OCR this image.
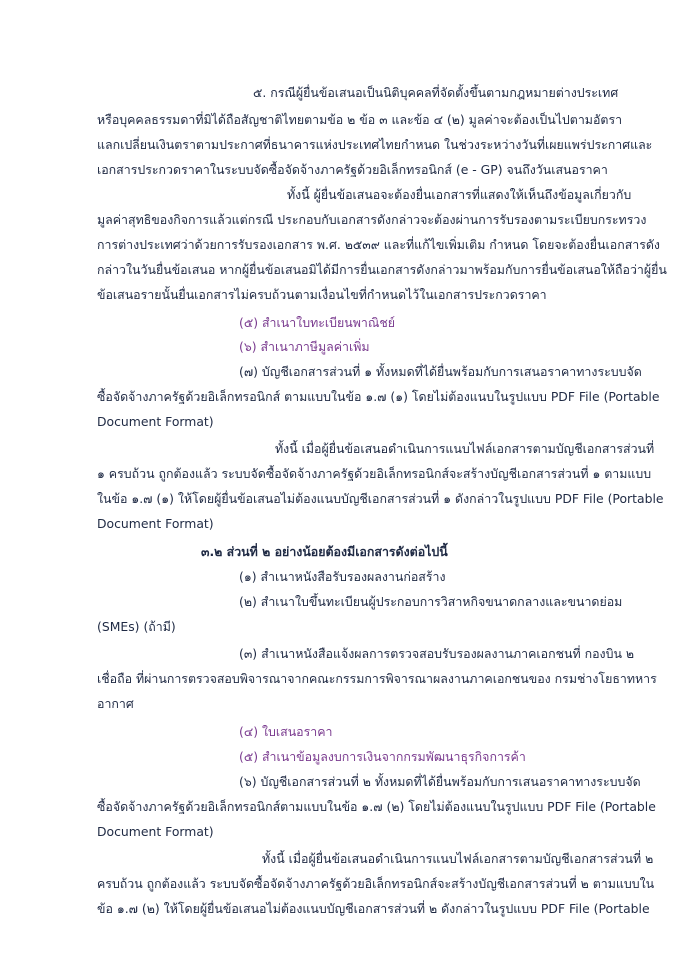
๕. กรณีผู้ยื่นข้อเสนอเป็นนิติบุคคลที่จัดตั้งขึ้นตามกฎหมายต่างประเทศ
หรือบุคคลธรรมดาที่มิได้ถือสัญชาติไทยตามข้อ ๒ ข้อ ๓ และข้อ ๔ (๒) มูลค่าจะต้องเป็นไปตามอัตรา
แลกเปลี่ยนเงินตราตามประกาศที่ธนาคารแห่งประเทศไทยกำหนด ในช่วงระหว่างวันที่เผยแพร่ประกาศและ
เอกสารประกวดราคาในระบบจัดซื้อจัดจ้างภาครัฐด้วยอิเล็กทรอนิกส์ (e - GP) จนถึงวันเสนอราคา
ทั้งนี้ ผู้ยื่นข้อเสนอจะต้องยื่นเอกสารที่แสดงให้เห็นถึงข้อมูลเกี่ยวกับ
มูลค่าสุทธิของกิจการแล้วแต่กรณี ประกอบกับเอกสารดังกล่าวจะต้องผ่านการรับรองตามระเบียบกระทรวง
การต่างประเทศว่าด้วยการรับรองเอกสาร พ.ศ. ๒๕๓๙ และที่แก้ไขเพิ่มเติม กำหนด โดยจะต้องยื่นเอกสารดัง
กล่าวในวันยื่นข้อเสนอ หากผู้ยื่นข้อเสนอมิได้มีการยื่นเอกสารดังกล่าวมาพร้อมกับการยื่นข้อเสนอให้ถือว่าผู้ยื่น
ข้อเสนอรายนั้นยื่นเอกสารไม่ครบถ้วนตามเงื่อนไขที่กำหนดไว้ในเอกสารประกวดราคา
(๕) สำเนาใบทะเบียนพาณิชย์
(๖) สำเนาภาษีมูลค่าเพิ่ม
(๗) บัญชีเอกสารส่วนที่ ๑ ทั้งหมดที่ได้ยื่นพร้อมกับการเสนอราคาทางระบบจัด
ซื้อจัดจ้างภาครัฐด้วยอิเล็กทรอนิกส์ ตามแบบในข้อ ๑.๗ (๑) โดยไม่ต้องแนบในรูปแบบ PDF File (Portable
Document Format)
ทั้งนี้ เมื่อผู้ยื่นข้อเสนอดำเนินการแนบไฟล์เอกสารตามบัญชีเอกสารส่วนที่
๑ ครบถ้วน ถูกต้องแล้ว ระบบจัดซื้อจัดจ้างภาครัฐด้วยอิเล็กทรอนิกส์จะสร้างบัญชีเอกสารส่วนที่ ๑ ตามแบบ
ในข้อ ๑.๗ (๑) ให้โดยผู้ยื่นข้อเสนอไม่ต้องแนบบัญชีเอกสารส่วนที่ ๑ ดังกล่าวในรูปแบบ PDF File (Portable
Document Format)
๓.๒ ส่วนที่ ๒ อย่างน้อยต้องมีเอกสารดังต่อไปนี้
(๑) สำเนาหนังสือรับรองผลงานก่อสร้าง
(๒) สำเนาใบขึ้นทะเบียนผู้ประกอบการวิสาหกิจขนาดกลางและขนาดย่อม
(SMEs) (ถ้ามี)
(๓) สำเนาหนังสือแจ้งผลการตรวจสอบรับรองผลงานภาคเอกชนที่ กองบิน ๒
เชื่อถือ ที่ผ่านการตรวจสอบพิจารณาจากคณะกรรมการพิจารณาผลงานภาคเอกชนของ กรมช่างโยธาทหาร
อากาศ
(๔) ใบเสนอราคา
(๕) สำเนาข้อมูลงบการเงินจากกรมพัฒนาธุรกิจการค้า
(๖) บัญชีเอกสารส่วนที่ ๒ ทั้งหมดที่ได้ยื่นพร้อมกับการเสนอราคาทางระบบจัด
ซื้อจัดจ้างภาครัฐด้วยอิเล็กทรอนิกส์ตามแบบในข้อ ๑.๗ (๒) โดยไม่ต้องแนบในรูปแบบ PDF File (Portable
Document Format)
ทั้งนี้ เมื่อผู้ยื่นข้อเสนอดำเนินการแนบไฟล์เอกสารตามบัญชีเอกสารส่วนที่ ๒
ครบถ้วน ถูกต้องแล้ว ระบบจัดซื้อจัดจ้างภาครัฐด้วยอิเล็กทรอนิกส์จะสร้างบัญชีเอกสารส่วนที่ ๒ ตามแบบใน
ข้อ ๑.๗ (๒) ให้โดยผู้ยื่นข้อเสนอไม่ต้องแนบบัญชีเอกสารส่วนที่ ๒ ดังกล่าวในรูปแบบ PDF File (Portable
